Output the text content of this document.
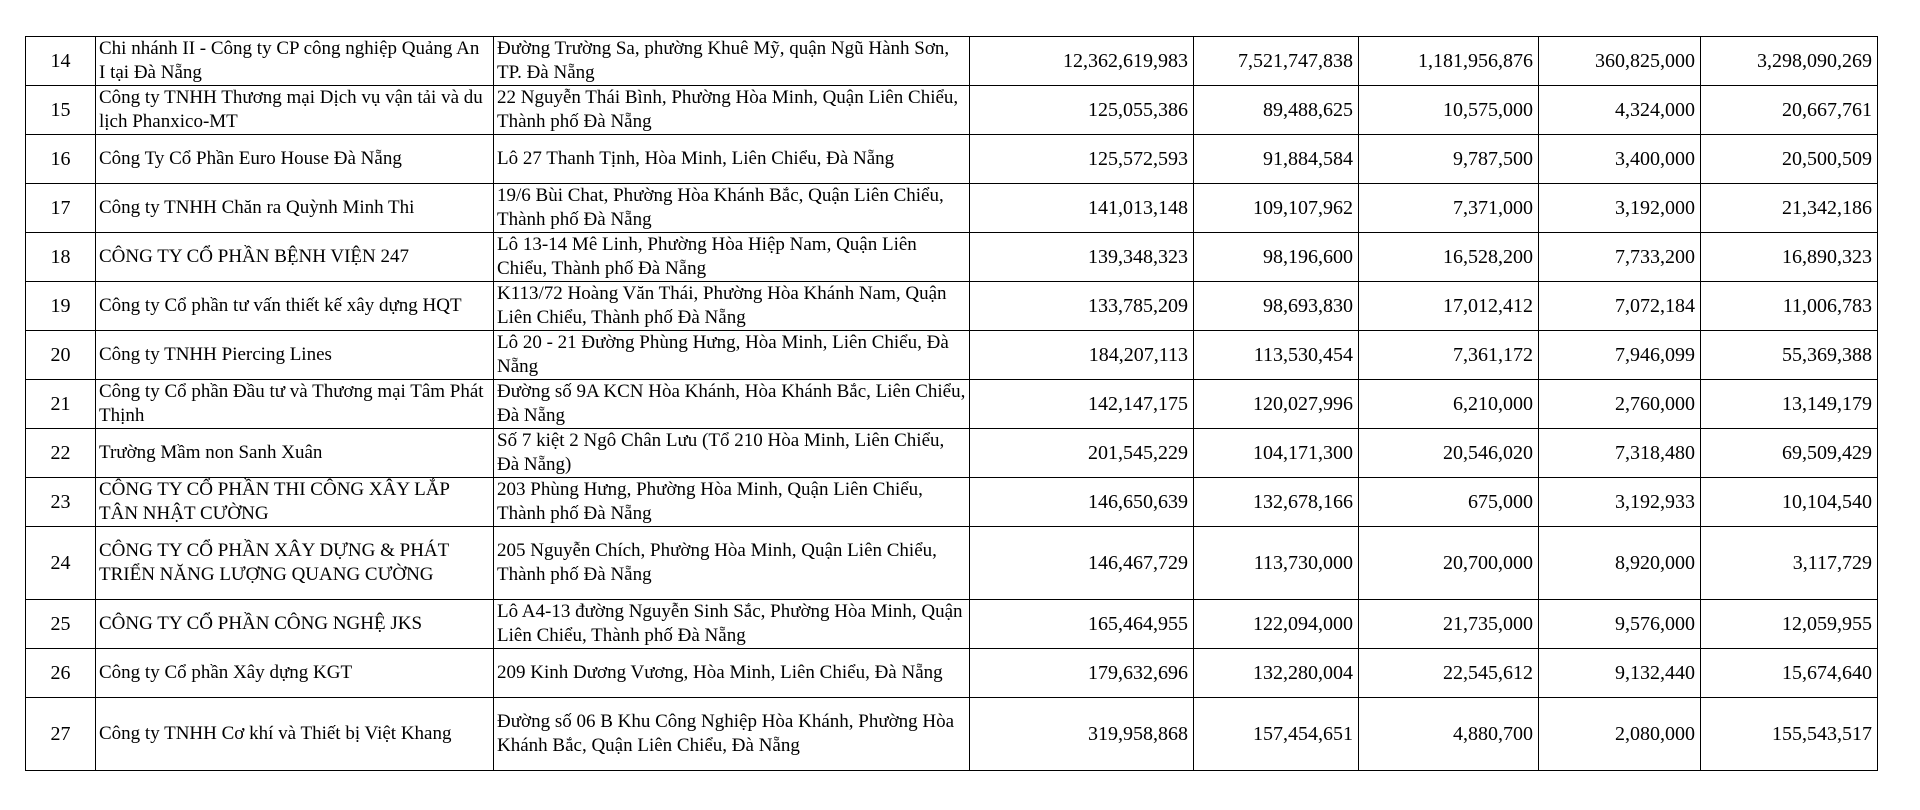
14	Chi nhánh II - Công ty CP công nghiệp Quảng An I tại Đà Nẵng	Đường Trường Sa, phường Khuê Mỹ, quận Ngũ Hành Sơn, TP. Đà Nẵng	12,362,619,983	7,521,747,838	1,181,956,876	360,825,000	3,298,090,269
15	Công ty TNHH Thương mại Dịch vụ vận tải và du lịch Phanxico-MT	22 Nguyễn Thái Bình, Phường Hòa Minh, Quận Liên Chiểu, Thành phố Đà Nẵng	125,055,386	89,488,625	10,575,000	4,324,000	20,667,761
16	Công Ty Cổ Phần Euro House Đà Nẵng	Lô 27 Thanh Tịnh, Hòa Minh, Liên Chiểu, Đà Nẵng	125,572,593	91,884,584	9,787,500	3,400,000	20,500,509
17	Công ty TNHH Chăn ra Quỳnh Minh Thi	19/6 Bùi Chat, Phường Hòa Khánh Bắc, Quận Liên Chiểu, Thành phố Đà Nẵng	141,013,148	109,107,962	7,371,000	3,192,000	21,342,186
18	CÔNG TY CỔ PHẦN BỆNH VIỆN 247	Lô 13-14 Mê Linh, Phường Hòa Hiệp Nam, Quận Liên Chiểu, Thành phố Đà Nẵng	139,348,323	98,196,600	16,528,200	7,733,200	16,890,323
19	Công ty Cổ phần tư vấn thiết kế xây dựng HQT	K113/72 Hoàng Văn Thái, Phường Hòa Khánh Nam, Quận Liên Chiểu, Thành phố Đà Nẵng	133,785,209	98,693,830	17,012,412	7,072,184	11,006,783
20	Công ty TNHH Piercing Lines	Lô 20 - 21 Đường Phùng Hưng, Hòa Minh, Liên Chiểu, Đà Nẵng	184,207,113	113,530,454	7,361,172	7,946,099	55,369,388
21	Công ty Cổ phần Đầu tư và Thương mại Tâm Phát Thịnh	Đường số 9A KCN Hòa Khánh, Hòa Khánh Bắc, Liên Chiểu, Đà Nẵng	142,147,175	120,027,996	6,210,000	2,760,000	13,149,179
22	Trường Mầm non Sanh Xuân	Số 7 kiệt 2 Ngô Chân Lưu (Tổ 210 Hòa Minh, Liên Chiểu, Đà Nẵng)	201,545,229	104,171,300	20,546,020	7,318,480	69,509,429
23	CÔNG TY CỔ PHẦN THI CÔNG XÂY LẮP TÂN NHẬT CƯỜNG	203 Phùng Hưng, Phường Hòa Minh, Quận Liên Chiểu, Thành phố Đà Nẵng	146,650,639	132,678,166	675,000	3,192,933	10,104,540
24	CÔNG TY CỔ PHẦN XÂY DỰNG & PHÁT TRIỂN NĂNG LƯỢNG QUANG CƯỜNG	205 Nguyễn Chích, Phường Hòa Minh, Quận Liên Chiểu, Thành phố Đà Nẵng	146,467,729	113,730,000	20,700,000	8,920,000	3,117,729
25	CÔNG TY CỔ PHẦN CÔNG NGHỆ JKS	Lô A4-13 đường Nguyễn Sinh Sắc, Phường Hòa Minh, Quận Liên Chiểu, Thành phố Đà Nẵng	165,464,955	122,094,000	21,735,000	9,576,000	12,059,955
26	Công ty Cổ phần Xây dựng KGT	209 Kinh Dương Vương, Hòa Minh, Liên Chiểu, Đà Nẵng	179,632,696	132,280,004	22,545,612	9,132,440	15,674,640
27	Công ty TNHH Cơ khí và Thiết bị Việt Khang	Đường số 06 B Khu Công Nghiệp Hòa Khánh, Phường Hòa Khánh Bắc, Quận Liên Chiểu, Đà Nẵng	319,958,868	157,454,651	4,880,700	2,080,000	155,543,517
